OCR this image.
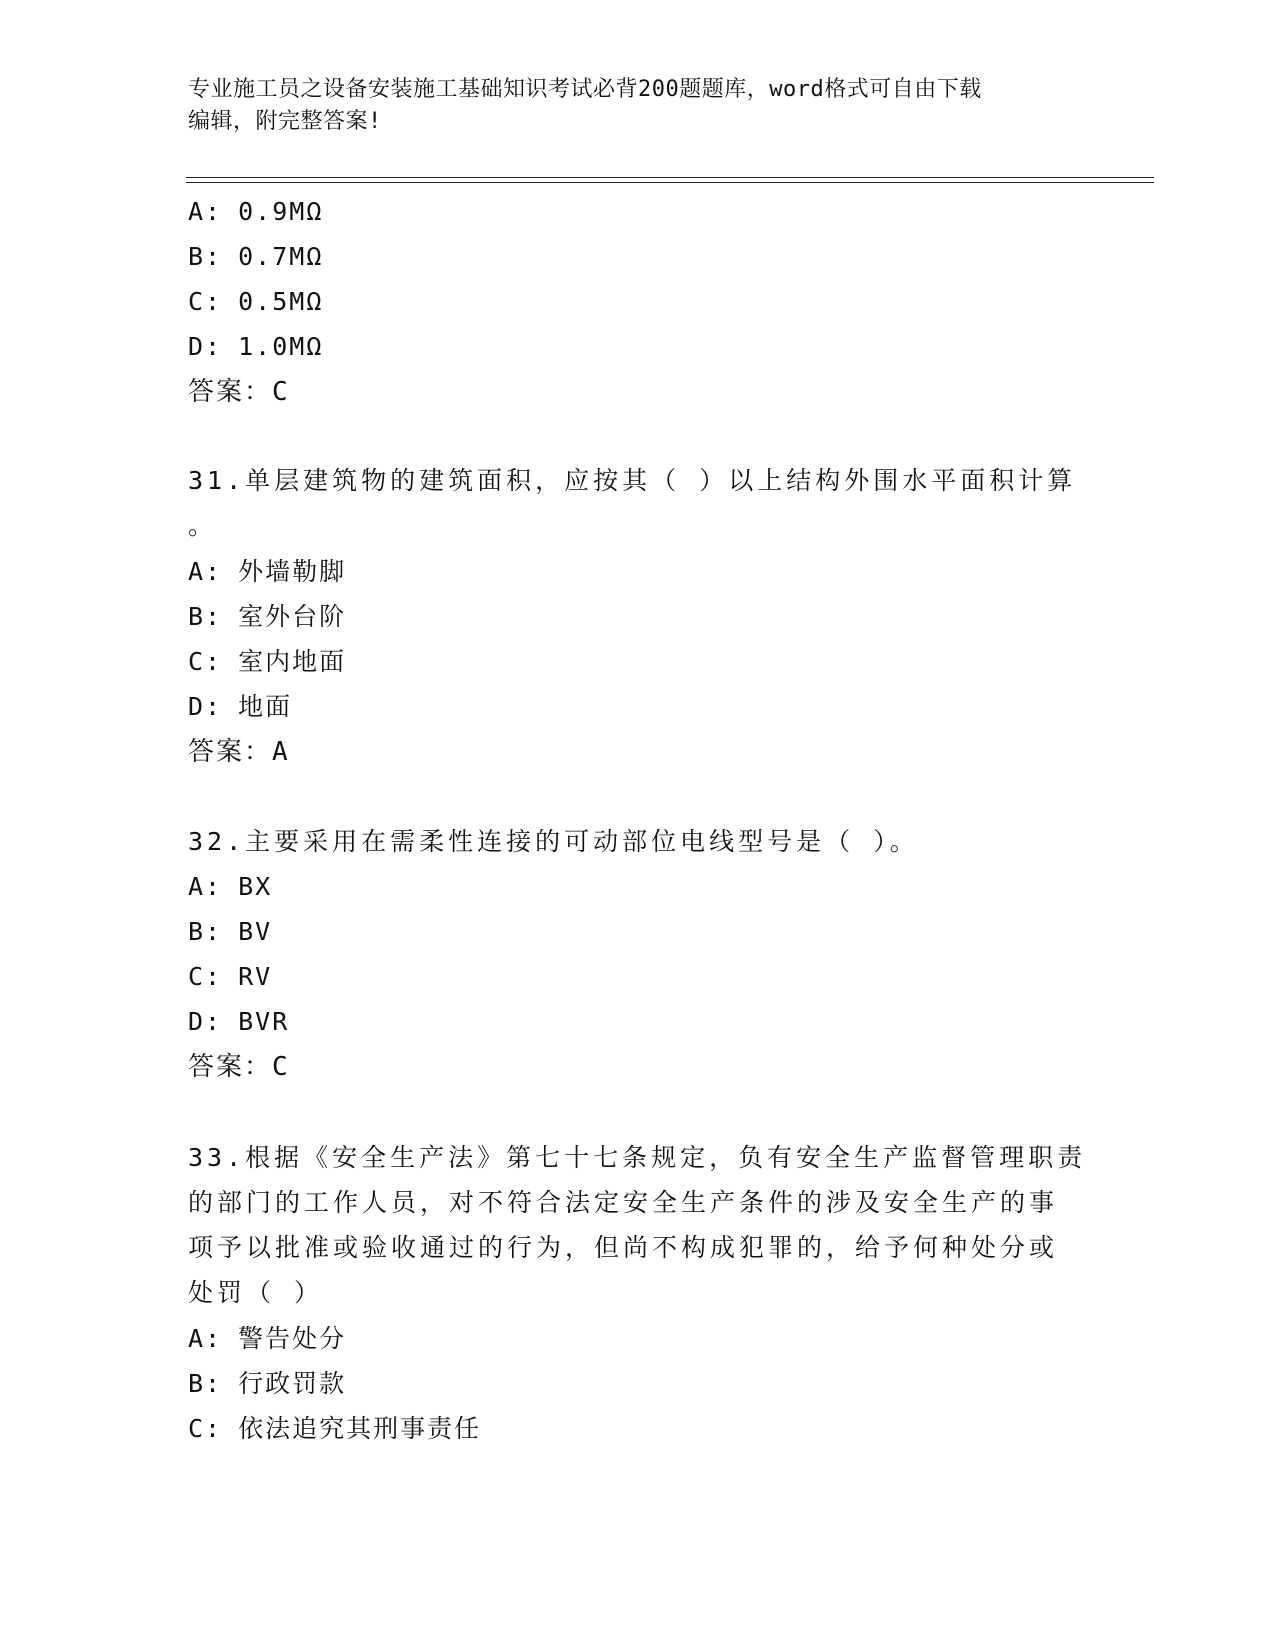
专业施工员之设备安装施工基础知识考试必背200题题库，word格式可自由下载
编辑，附完整答案!
A: 0.9MΩ
B: 0.7MΩ
C: 0.5MΩ
D: 1.0MΩ
答案：C
31.单层建筑物的建筑面积，应按其（ ）以上结构外围水平面积计算
。
A: 外墙勒脚
B: 室外台阶
C: 室内地面
D: 地面
答案：A
32.主要采用在需柔性连接的可动部位电线型号是（ ）。
A: BX
B: BV
C: RV
D: BVR
答案：C
33.根据《安全生产法》第七十七条规定，负有安全生产监督管理职责
的部门的工作人员，对不符合法定安全生产条件的涉及安全生产的事
项予以批准或验收通过的行为，但尚不构成犯罪的，给予何种处分或
处罚（ ）
A: 警告处分
B: 行政罚款
C: 依法追究其刑事责任
